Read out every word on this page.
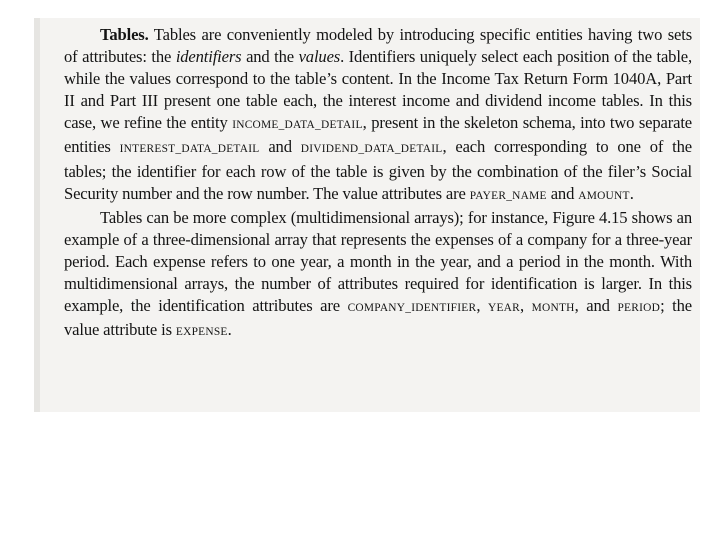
Tables. Tables are conveniently modeled by introducing specific entities having two sets of attributes: the identifiers and the values. Identifiers uniquely select each position of the table, while the values correspond to the table’s content. In the Income Tax Return Form 1040A, Part II and Part III present one table each, the interest income and dividend income tables. In this case, we refine the entity INCOME_DATA_DETAIL, present in the skeleton schema, into two separate entities INTEREST_DATA_DETAIL and DIVIDEND_DATA_DETAIL, each corresponding to one of the tables; the identifier for each row of the table is given by the combination of the filer’s Social Security number and the row number. The value attributes are PAYER_NAME and AMOUNT.

Tables can be more complex (multidimensional arrays); for instance, Figure 4.15 shows an example of a three-dimensional array that represents the expenses of a company for a three-year period. Each expense refers to one year, a month in the year, and a period in the month. With multidimensional arrays, the number of attributes required for identification is larger. In this example, the identification attributes are COMPANY_IDENTIFIER, YEAR, MONTH, and PERIOD; the value attribute is EXPENSE.
